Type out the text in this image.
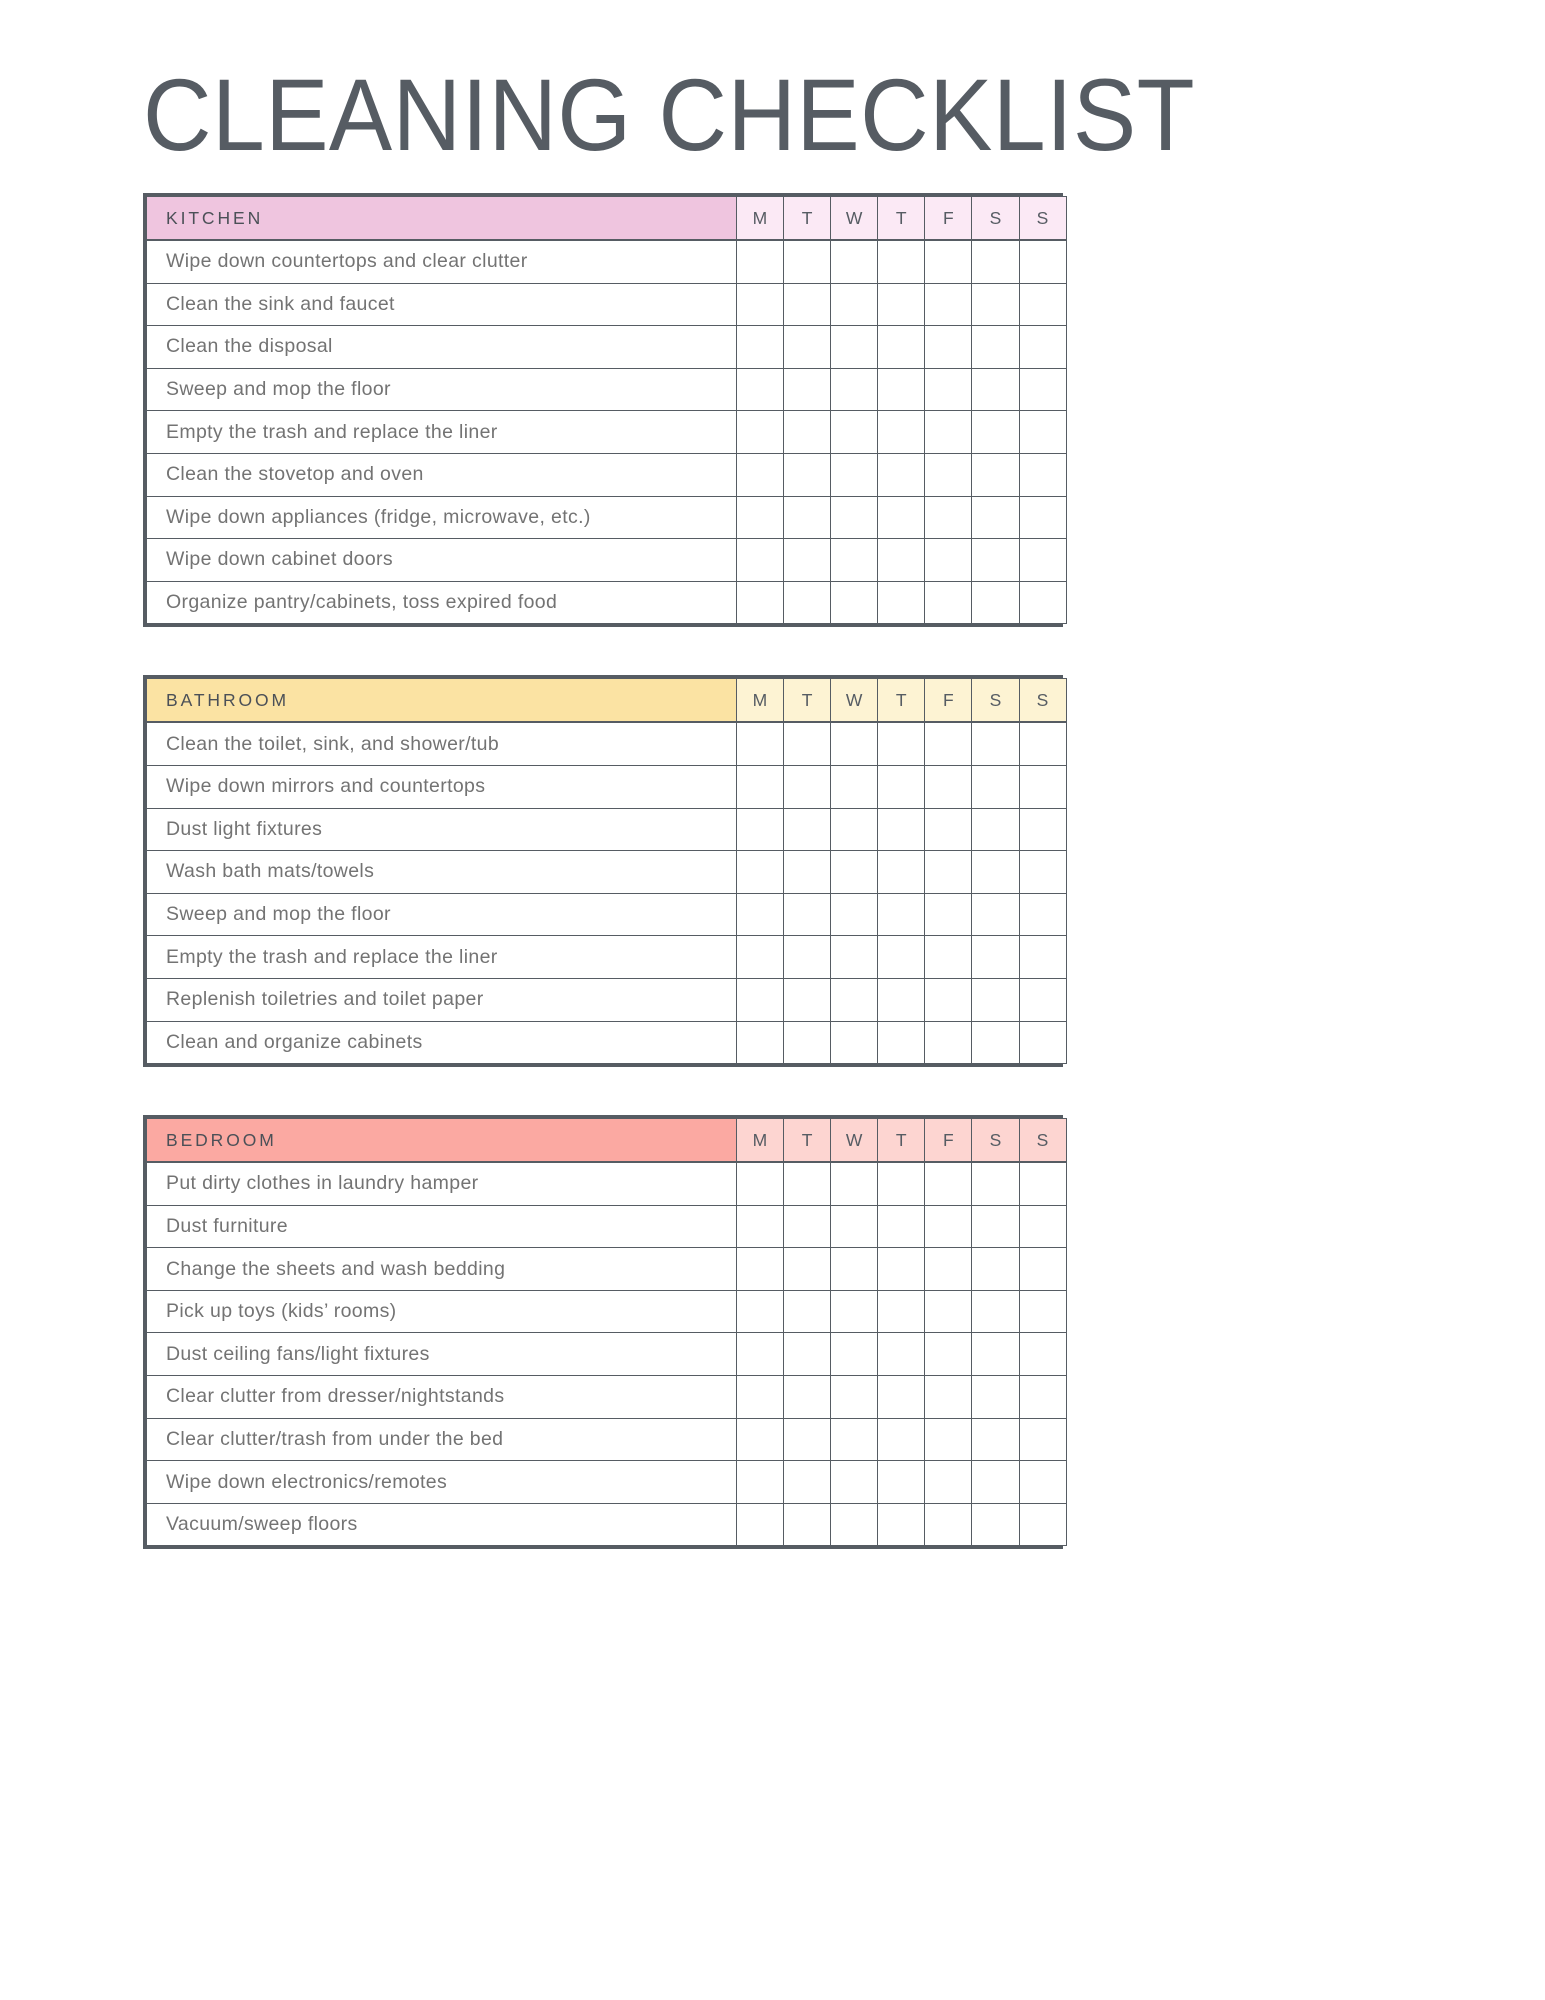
CLEANING CHECKLIST
KITCHEN	M	T	W	T	F	S	S
Wipe down countertops and clear clutter							
Clean the sink and faucet							
Clean the disposal							
Sweep and mop the floor							
Empty the trash and replace the liner							
Clean the stovetop and oven							
Wipe down appliances (fridge, microwave, etc.)							
Wipe down cabinet doors							
Organize pantry/cabinets, toss expired food							
BATHROOM	M	T	W	T	F	S	S
Clean the toilet, sink, and shower/tub							
Wipe down mirrors and countertops							
Dust light fixtures							
Wash bath mats/towels							
Sweep and mop the floor							
Empty the trash and replace the liner							
Replenish toiletries and toilet paper							
Clean and organize cabinets							
BEDROOM	M	T	W	T	F	S	S
Put dirty clothes in laundry hamper							
Dust furniture							
Change the sheets and wash bedding							
Pick up toys (kids’ rooms)							
Dust ceiling fans/light fixtures							
Clear clutter from dresser/nightstands							
Clear clutter/trash from under the bed							
Wipe down electronics/remotes							
Vacuum/sweep floors							
